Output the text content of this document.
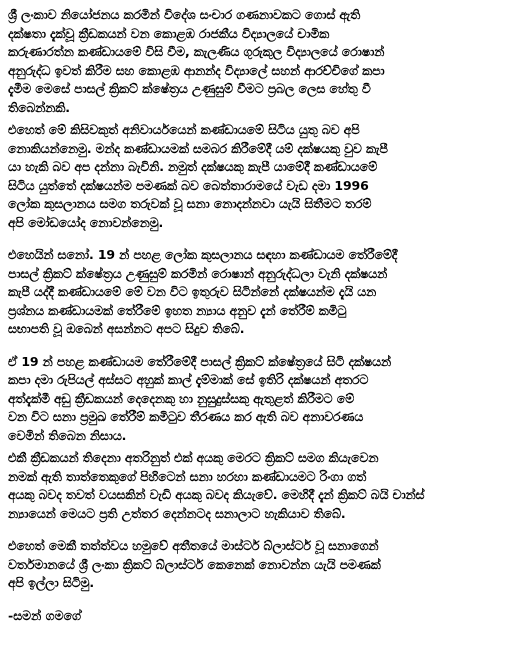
ශ්‍රී ලංකාව නියෝජනය කරමින් විදේශ සංචාර ගණනාවකට ගොස් ඇති
දක්ෂතා දැක්වූ ක්‍රීඩකයන් වන කොළඹ රාජකීය විද්‍යාලයේ චාමික
කරුණාරත්න කණ්ඩායමේ විසි වීම, කැලණිය ගුරුකුල විද්‍යාලයේ රොෂාන්
අනුරුද්ධ ඉවත් කිරීම සහ කොළඹ ආනන්ද විද්‍යාලේ සහන් ආරච්චිගේ කපා
දැමීම මෙසේ පාසල් ක්‍රිකට් ක්ෂේත්‍රය උණුසුම් වීමට ප්‍රබල ලෙස හේතු වී
තිබෙන්නකි.
එහෙත් මේ කිසිවකුත් අනිවාර්යයෙන් කණ්ඩායමේ සිටිය යුතු බව අපි
නොකියන්නෙමු. මන්ද කණ්ඩායමක් සමබර කිරීමේදී යම් දක්ෂයකු වුව කැපී
යා හැකි බව අප දන්නා බැවිනි. නමුත් දක්ෂයකු කැපී යාමේදී කණ්ඩායමේ
සිටිය යුත්තේ දක්ෂයන්ම පමණක් බව බෙත්තාරාමයේ වැඩ දමා 1996
ලෝක කුසලානය සමග තරුවක් වූ සනා නොදන්නවා යැයි සිතීමට තරම්
අපි මෝඩයෝද නොවන්නෙමු.
එහෙයින් සනෝ. 19 න් පහළ ලෝක කුසලානය සඳහා කණ්ඩායම තේරීමේදී
පාසල් ක්‍රිකට් ක්ෂේත්‍රය උණුසුම් කරමින් රොෂාන් අනුරුද්ධලා වැනි දක්ෂයන්
කැපී යද්දී කණ්ඩායමේ මේ වන විට ඉතුරුව සිටින්නේ දක්ෂයන්ම දැයි යන
ප්‍රශ්නය කණ්ඩායමක් තේරීමේ ඉහත න්‍යාය අනුව දැන් තේරීම් කමිටු
සභාපති වූ ඔබෙන් අසන්නට අපට සිදුව තිබේ.
ඒ 19 න් පහළ කණ්ඩායම තේරීමේදී පාසල් ක්‍රිකට් ක්ෂේත්‍රයේ සිටි දක්ෂයන්
කපා දමා රුපියල් අස්සට අහුක් කාල් දැම්මාක් සේ ඉතිරි දක්ෂයන් අතරට
අත්දැක්මී අඩු ක්‍රීඩකයන් දෙදෙනකු හා නුසුදුස්සකු ඇතුළත් කිරීමට මේ
වන විට සනා ප්‍රමුඛ තේරීම් කමිටුව තීරණය කර ඇති බව අනාවරණය
වෙමින් තිබෙන නිසාය.
එකී ක්‍රීඩකයන් තිදෙනා අතරිනුත් එක් අයකු මෙරට ක්‍රිකට් සමග කියැවෙන
නමක් ඇති තාත්තෙකුගේ පිහිටෙන් සනා හරහා කණ්ඩායමට රිංගා ගත්
අයකු බවද තවත් වයසකින් වැඩි අයකු බවද කියැවේ. මෙහිදී දැන් ක්‍රිකට් බයි චාන්ස්
න්‍යායෙන් මෙයට ප්‍රති උත්තර දෙන්නටද සනාලාට හැකියාව තිබේ.
එහෙත් මෙකී තත්ත්වය හමුවේ අතීතයේ මාස්ටර් බ්ලාස්ටර් වූ සනාගෙන්
වර්තමානයේ ශ්‍රී ලංකා ක්‍රිකට් බ්ලාස්ටර් කෙනෙක් නොවන්න යැයි පමණක්
අපි ඉල්ලා සිටිමු.
-සමන් ගමගේ
